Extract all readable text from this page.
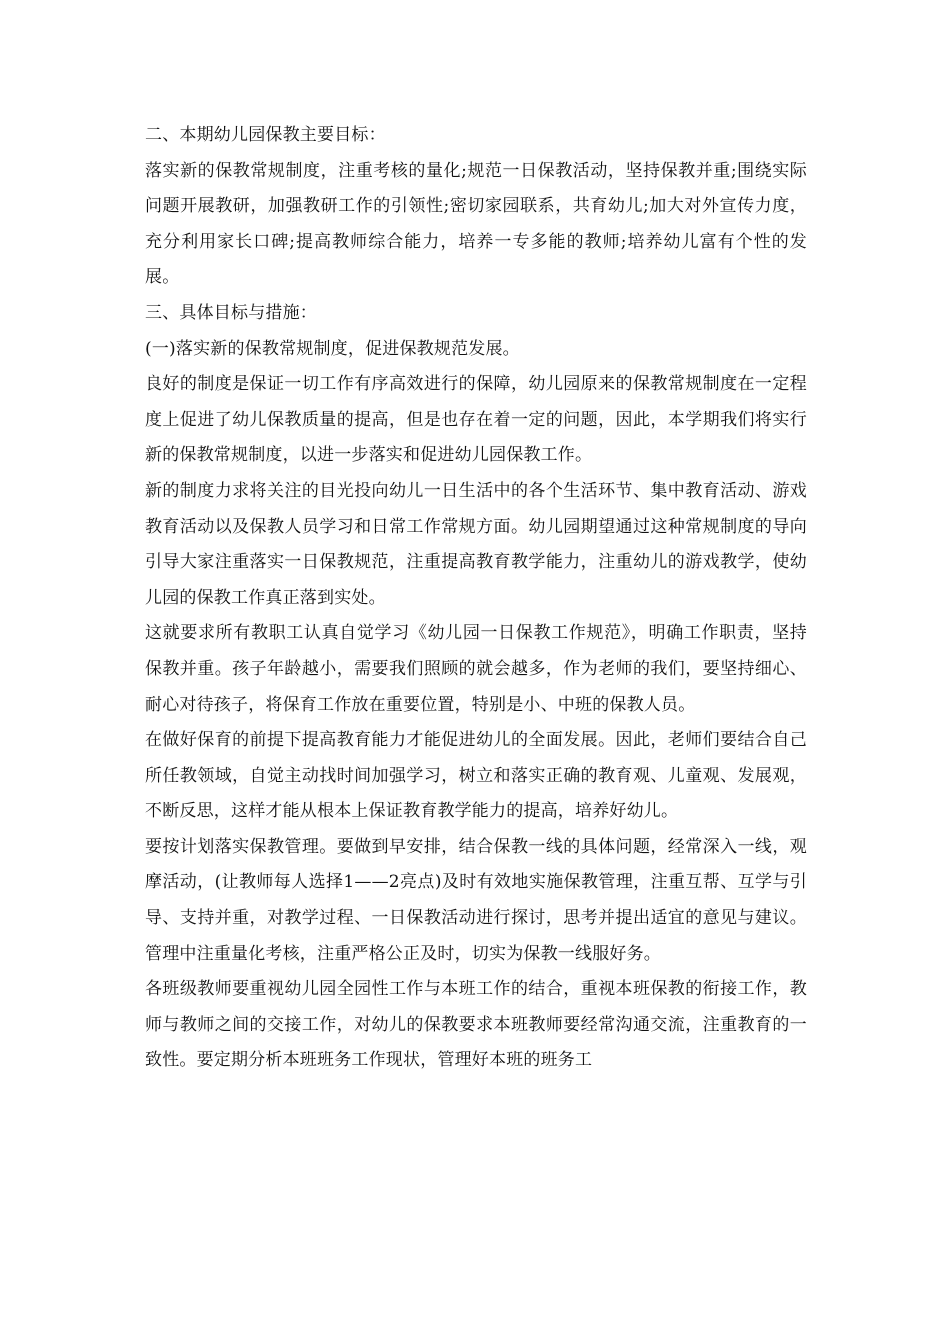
二、本期幼儿园保教主要目标：

落实新的保教常规制度，注重考核的量化;规范一日保教活动，坚持保教并重;围绕实际问题开展教研，加强教研工作的引领性;密切家园联系，共育幼儿;加大对外宣传力度，充分利用家长口碑;提高教师综合能力，培养一专多能的教师;培养幼儿富有个性的发展。

三、具体目标与措施：

(一)落实新的保教常规制度，促进保教规范发展。

良好的制度是保证一切工作有序高效进行的保障，幼儿园原来的保教常规制度在一定程度上促进了幼儿保教质量的提高，但是也存在着一定的问题，因此，本学期我们将实行新的保教常规制度，以进一步落实和促进幼儿园保教工作。

新的制度力求将关注的目光投向幼儿一日生活中的各个生活环节、集中教育活动、游戏教育活动以及保教人员学习和日常工作常规方面。幼儿园期望通过这种常规制度的导向引导大家注重落实一日保教规范，注重提高教育教学能力，注重幼儿的游戏教学，使幼儿园的保教工作真正落到实处。

这就要求所有教职工认真自觉学习《幼儿园一日保教工作规范》，明确工作职责，坚持保教并重。孩子年龄越小，需要我们照顾的就会越多，作为老师的我们，要坚持细心、耐心对待孩子，将保育工作放在重要位置，特别是小、中班的保教人员。

在做好保育的前提下提高教育能力才能促进幼儿的全面发展。因此，老师们要结合自己所任教领域，自觉主动找时间加强学习，树立和落实正确的教育观、儿童观、发展观，不断反思，这样才能从根本上保证教育教学能力的提高，培养好幼儿。

要按计划落实保教管理。要做到早安排，结合保教一线的具体问题，经常深入一线，观摩活动，(让教师每人选择1——2亮点)及时有效地实施保教管理，注重互帮、互学与引导、支持并重，对教学过程、一日保教活动进行探讨，思考并提出适宜的意见与建议。管理中注重量化考核，注重严格公正及时，切实为保教一线服好务。

各班级教师要重视幼儿园全园性工作与本班工作的结合，重视本班保教的衔接工作，教师与教师之间的交接工作，对幼儿的保教要求本班教师要经常沟通交流，注重教育的一致性。要定期分析本班班务工作现状，管理好本班的班务工
